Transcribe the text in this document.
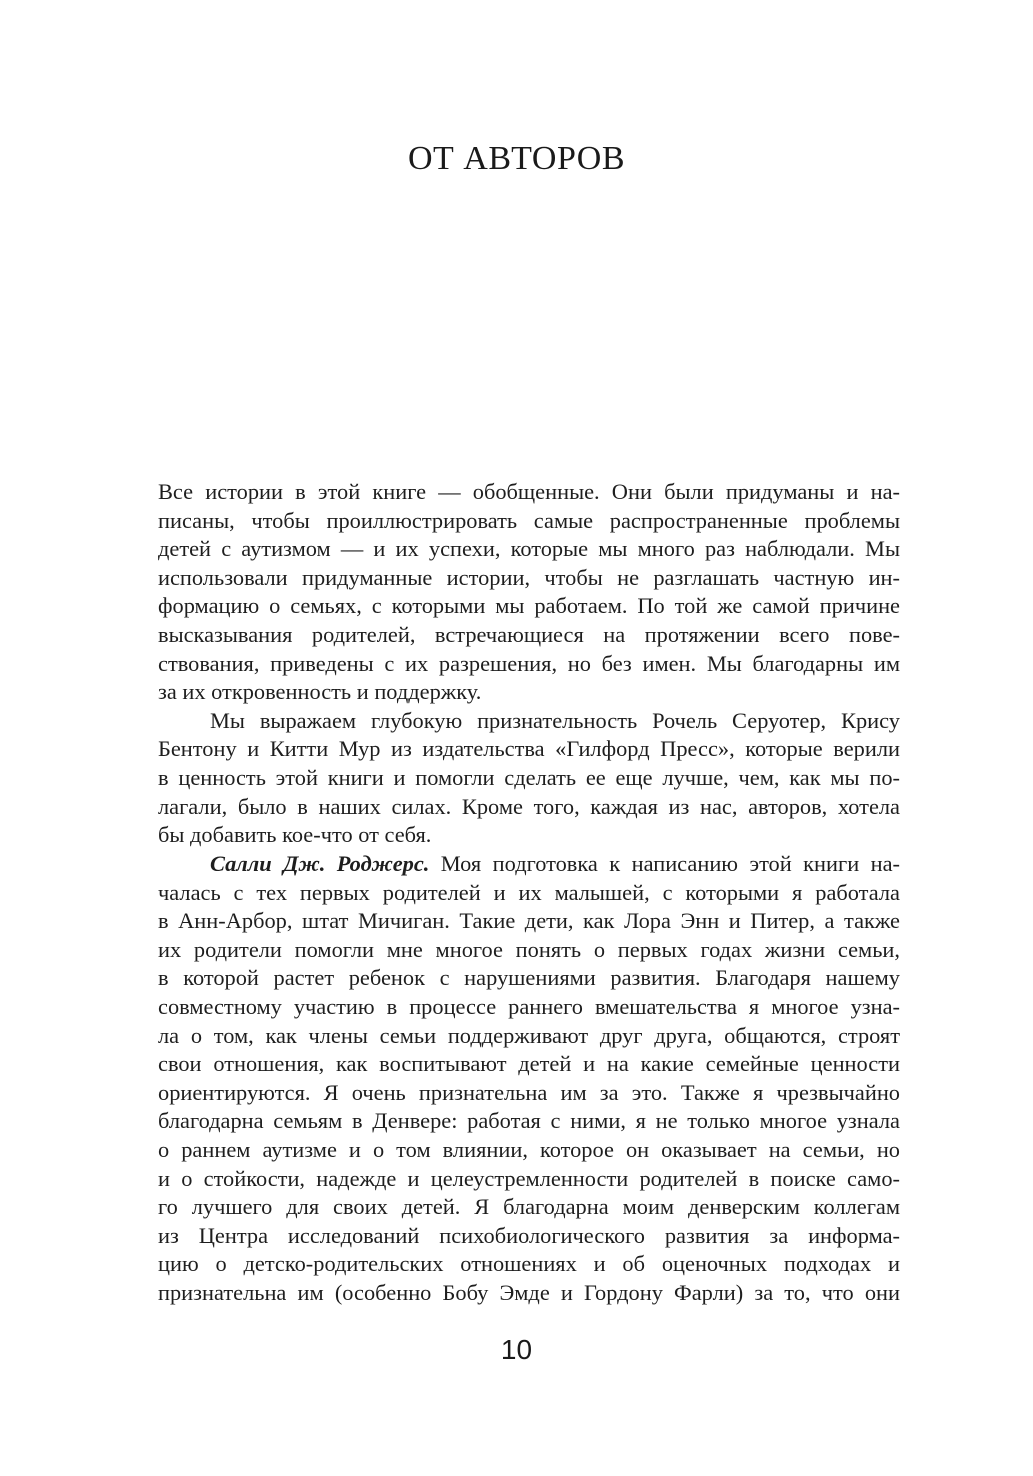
ОТ АВТОРОВ
Все истории в этой книге — обобщенные. Они были придуманы и на-
писаны, чтобы проиллюстрировать самые распространенные проблемы
детей с аутизмом — и их успехи, которые мы много раз наблюдали. Мы
использовали придуманные истории, чтобы не разглашать частную ин-
формацию о семьях, с которыми мы работаем. По той же самой причине
высказывания родителей, встречающиеся на протяжении всего пове-
ствования, приведены с их разрешения, но без имен. Мы благодарны им
за их откровенность и поддержку.
Мы выражаем глубокую признательность Рочель Серуотер, Крису
Бентону и Китти Мур из издательства «Гилфорд Пресс», которые верили
в ценность этой книги и помогли сделать ее еще лучше, чем, как мы по-
лагали, было в наших силах. Кроме того, каждая из нас, авторов, хотела
бы добавить кое-что от себя.
Салли Дж. Роджерс. Моя подготовка к написанию этой книги на-
чалась с тех первых родителей и их малышей, с которыми я работала
в Анн-Арбор, штат Мичиган. Такие дети, как Лора Энн и Питер, а также
их родители помогли мне многое понять о первых годах жизни семьи,
в которой растет ребенок с нарушениями развития. Благодаря нашему
совместному участию в процессе раннего вмешательства я многое узна-
ла о том, как члены семьи поддерживают друг друга, общаются, строят
свои отношения, как воспитывают детей и на какие семейные ценности
ориентируются. Я очень признательна им за это. Также я чрезвычайно
благодарна семьям в Денвере: работая с ними, я не только многое узнала
о раннем аутизме и о том влиянии, которое он оказывает на семьи, но
и о стойкости, надежде и целеустремленности родителей в поиске само-
го лучшего для своих детей. Я благодарна моим денверским коллегам
из Центра исследований психобиологического развития за информа-
цию о детско-родительских отношениях и об оценочных подходах и
признательна им (особенно Бобу Эмде и Гордону Фарли) за то, что они
10
